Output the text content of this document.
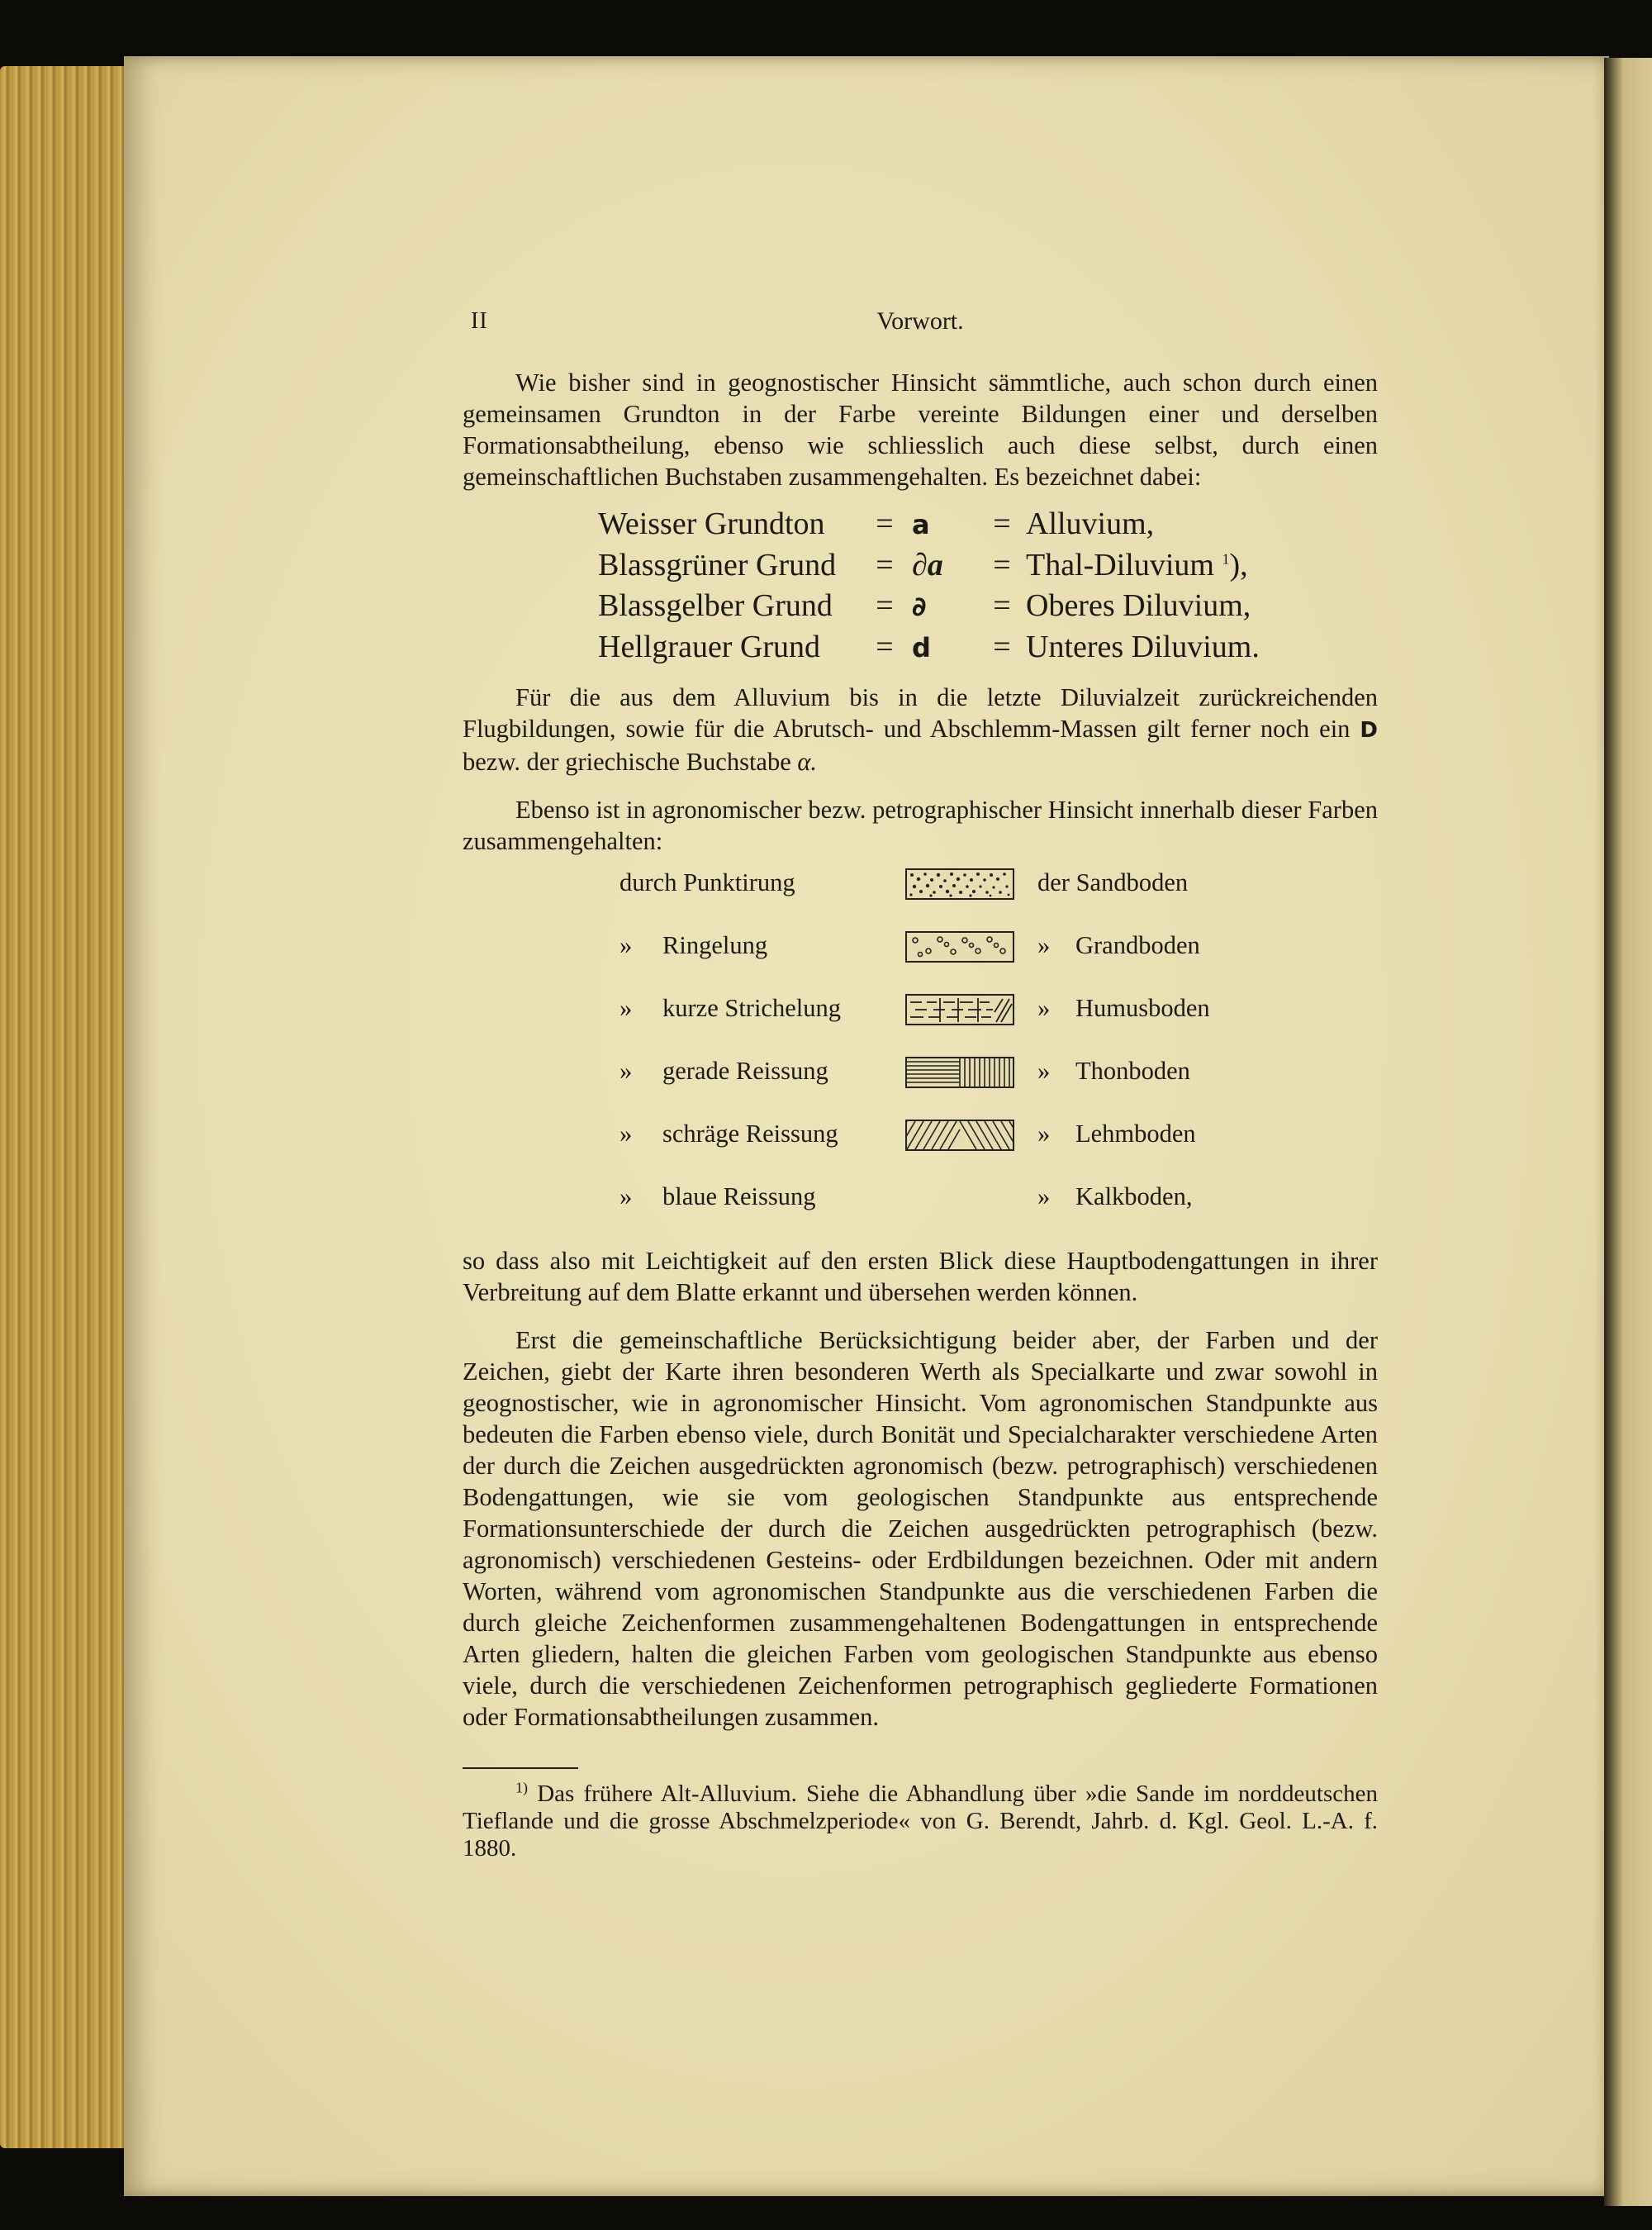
II	Vorwort.

Wie bisher sind in geognostischer Hinsicht sämmtliche, auch schon durch einen gemeinsamen Grundton in der Farbe vereinte Bildungen einer und derselben Formationsabtheilung, ebenso wie schliesslich auch diese selbst, durch einen gemeinschaftlichen Buchstaben zusammengehalten. Es bezeichnet dabei:

Weisser Grundton	= a	= Alluvium,
Blassgrüner Grund	= ∂a	= Thal-Diluvium $^1$),
Blassgelber Grund	= ∂	= Oberes Diluvium,
Hellgrauer Grund	= d	= Unteres Diluvium.

Für die aus dem Alluvium bis in die letzte Diluvialzeit zurückreichenden Flugbildungen, sowie für die Abrutsch- und Abschlemm-Massen gilt ferner noch ein D bezw. der griechische Buchstabe α.

Ebenso ist in agronomischer bezw. petrographischer Hinsicht innerhalb dieser Farben zusammengehalten:

durch Punktirung	der Sandboden
» Ringelung	» Grandboden
» kurze Strichelung	» Humusboden
» gerade Reissung	» Thonboden
» schräge Reissung	» Lehmboden
» blaue Reissung	» Kalkboden,

so dass also mit Leichtigkeit auf den ersten Blick diese Hauptbodengattungen in ihrer Verbreitung auf dem Blatte erkannt und übersehen werden können.

Erst die gemeinschaftliche Berücksichtigung beider aber, der Farben und der Zeichen, giebt der Karte ihren besonderen Werth als Specialkarte und zwar sowohl in geognostischer, wie in agronomischer Hinsicht. Vom agronomischen Standpunkte aus bedeuten die Farben ebenso viele, durch Bonität und Specialcharakter verschiedene Arten der durch die Zeichen ausgedrückten agronomisch (bezw. petrographisch) verschiedenen Bodengattungen, wie sie vom geologischen Standpunkte aus entsprechende Formationsunterschiede der durch die Zeichen ausgedrückten petrographisch (bezw. agronomisch) verschiedenen Gesteins- oder Erdbildungen bezeichnen. Oder mit andern Worten, während vom agronomischen Standpunkte aus die verschiedenen Farben die durch gleiche Zeichenformen zusammengehaltenen Bodengattungen in entsprechende Arten gliedern, halten die gleichen Farben vom geologischen Standpunkte aus ebenso viele, durch die verschiedenen Zeichenformen petrographisch gegliederte Formationen oder Formationsabtheilungen zusammen.

$^{1)}$ Das frühere Alt-Alluvium. Siehe die Abhandlung über »die Sande im norddeutschen Tieflande und die grosse Abschmelzperiode« von G. Berendt, Jahrb. d. Kgl. Geol. L.-A. f. 1880.
